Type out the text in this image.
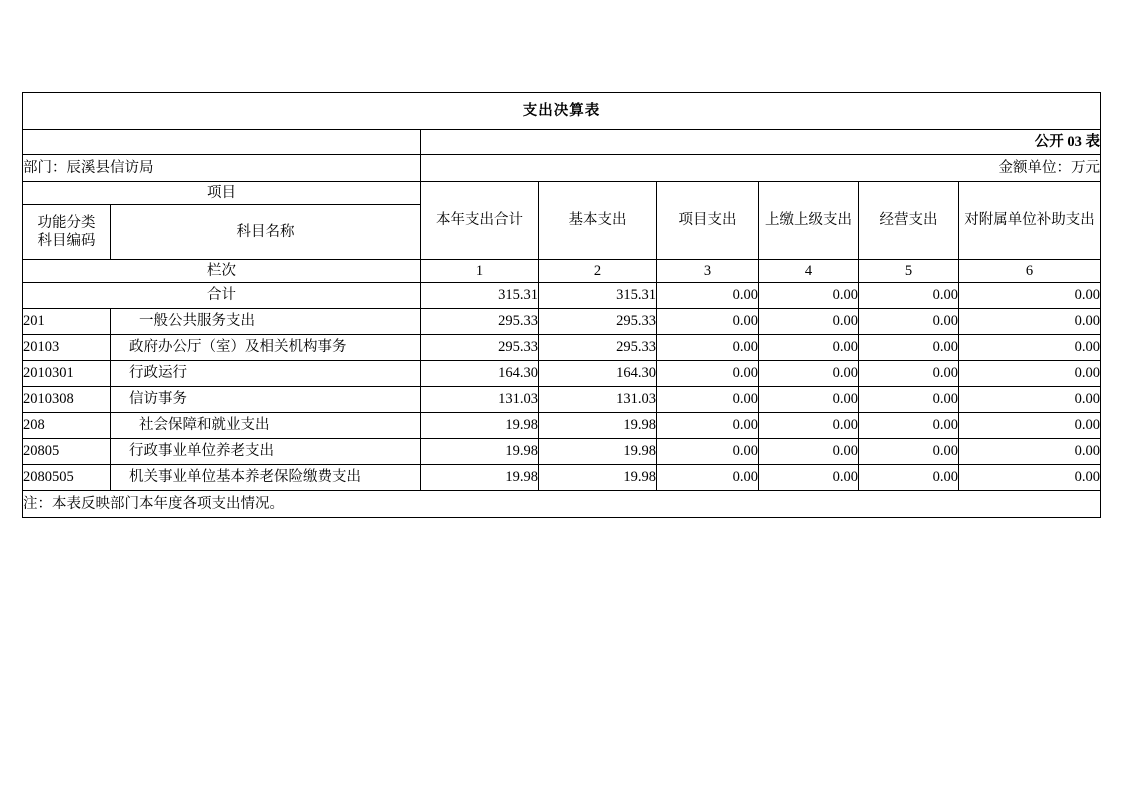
支出决算表							
		公开 03 表					
部门：辰溪县信访局		金额单位：万元					
项目		本年支出合计	基本支出	项目支出	上缴上级支出	经营支出	对附属单位补助支出

功能分类
科目编码	科目名称						
栏次		1	2	3	4	5	6
合计		315.31	315.31	0.00	0.00	0.00	0.00
201	一般公共服务支出	295.33	295.33	0.00	0.00	0.00	0.00
20103	政府办公厅（室）及相关机构事务	295.33	295.33	0.00	0.00	0.00	0.00
2010301	行政运行	164.30	164.30	0.00	0.00	0.00	0.00
2010308	信访事务	131.03	131.03	0.00	0.00	0.00	0.00
208	社会保障和就业支出	19.98	19.98	0.00	0.00	0.00	0.00
20805	行政事业单位养老支出	19.98	19.98	0.00	0.00	0.00	0.00
2080505	机关事业单位基本养老保险缴费支出	19.98	19.98	0.00	0.00	0.00	0.00
注：本表反映部门本年度各项支出情况。							
